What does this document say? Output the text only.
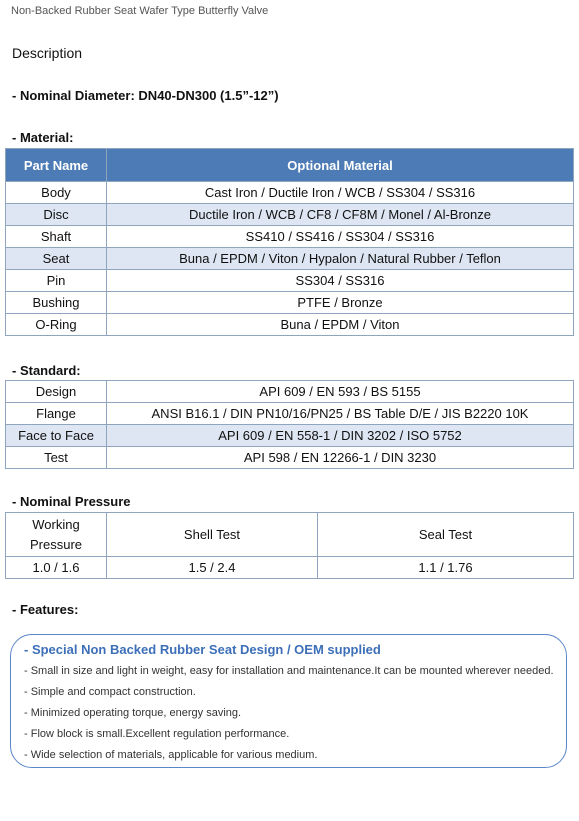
Non-Backed Rubber Seat Wafer Type Butterfly Valve
Description
- Nominal Diameter: DN40-DN300 (1.5”-12”)
- Material:
Part Name	Optional Material
Body	Cast Iron / Ductile Iron / WCB / SS304 / SS316
Disc	Ductile Iron / WCB / CF8 / CF8M / Monel / Al-Bronze
Shaft	SS410 / SS416 / SS304 / SS316
Seat	Buna / EPDM / Viton / Hypalon / Natural Rubber / Teflon
Pin	SS304 / SS316
Bushing	PTFE / Bronze
O-Ring	Buna / EPDM / Viton
- Standard:
Design	API 609 / EN 593 / BS 5155
Flange	ANSI B16.1 / DIN PN10/16/PN25 / BS Table D/E / JIS B2220 10K
Face to Face	API 609 / EN 558-1 / DIN 3202 / ISO 5752
Test	API 598 / EN 12266-1 / DIN 3230
- Nominal Pressure
Working
Pressure	Shell Test	Seal Test
1.0 / 1.6	1.5 / 2.4	1.1 / 1.76
- Features:
- Special Non Backed Rubber Seat Design / OEM supplied
- Small in size and light in weight, easy for installation and maintenance.It can be mounted wherever needed.
- Simple and compact construction.
- Minimized operating torque, energy saving.
- Flow block is small.Excellent regulation performance.
- Wide selection of materials, applicable for various medium.
